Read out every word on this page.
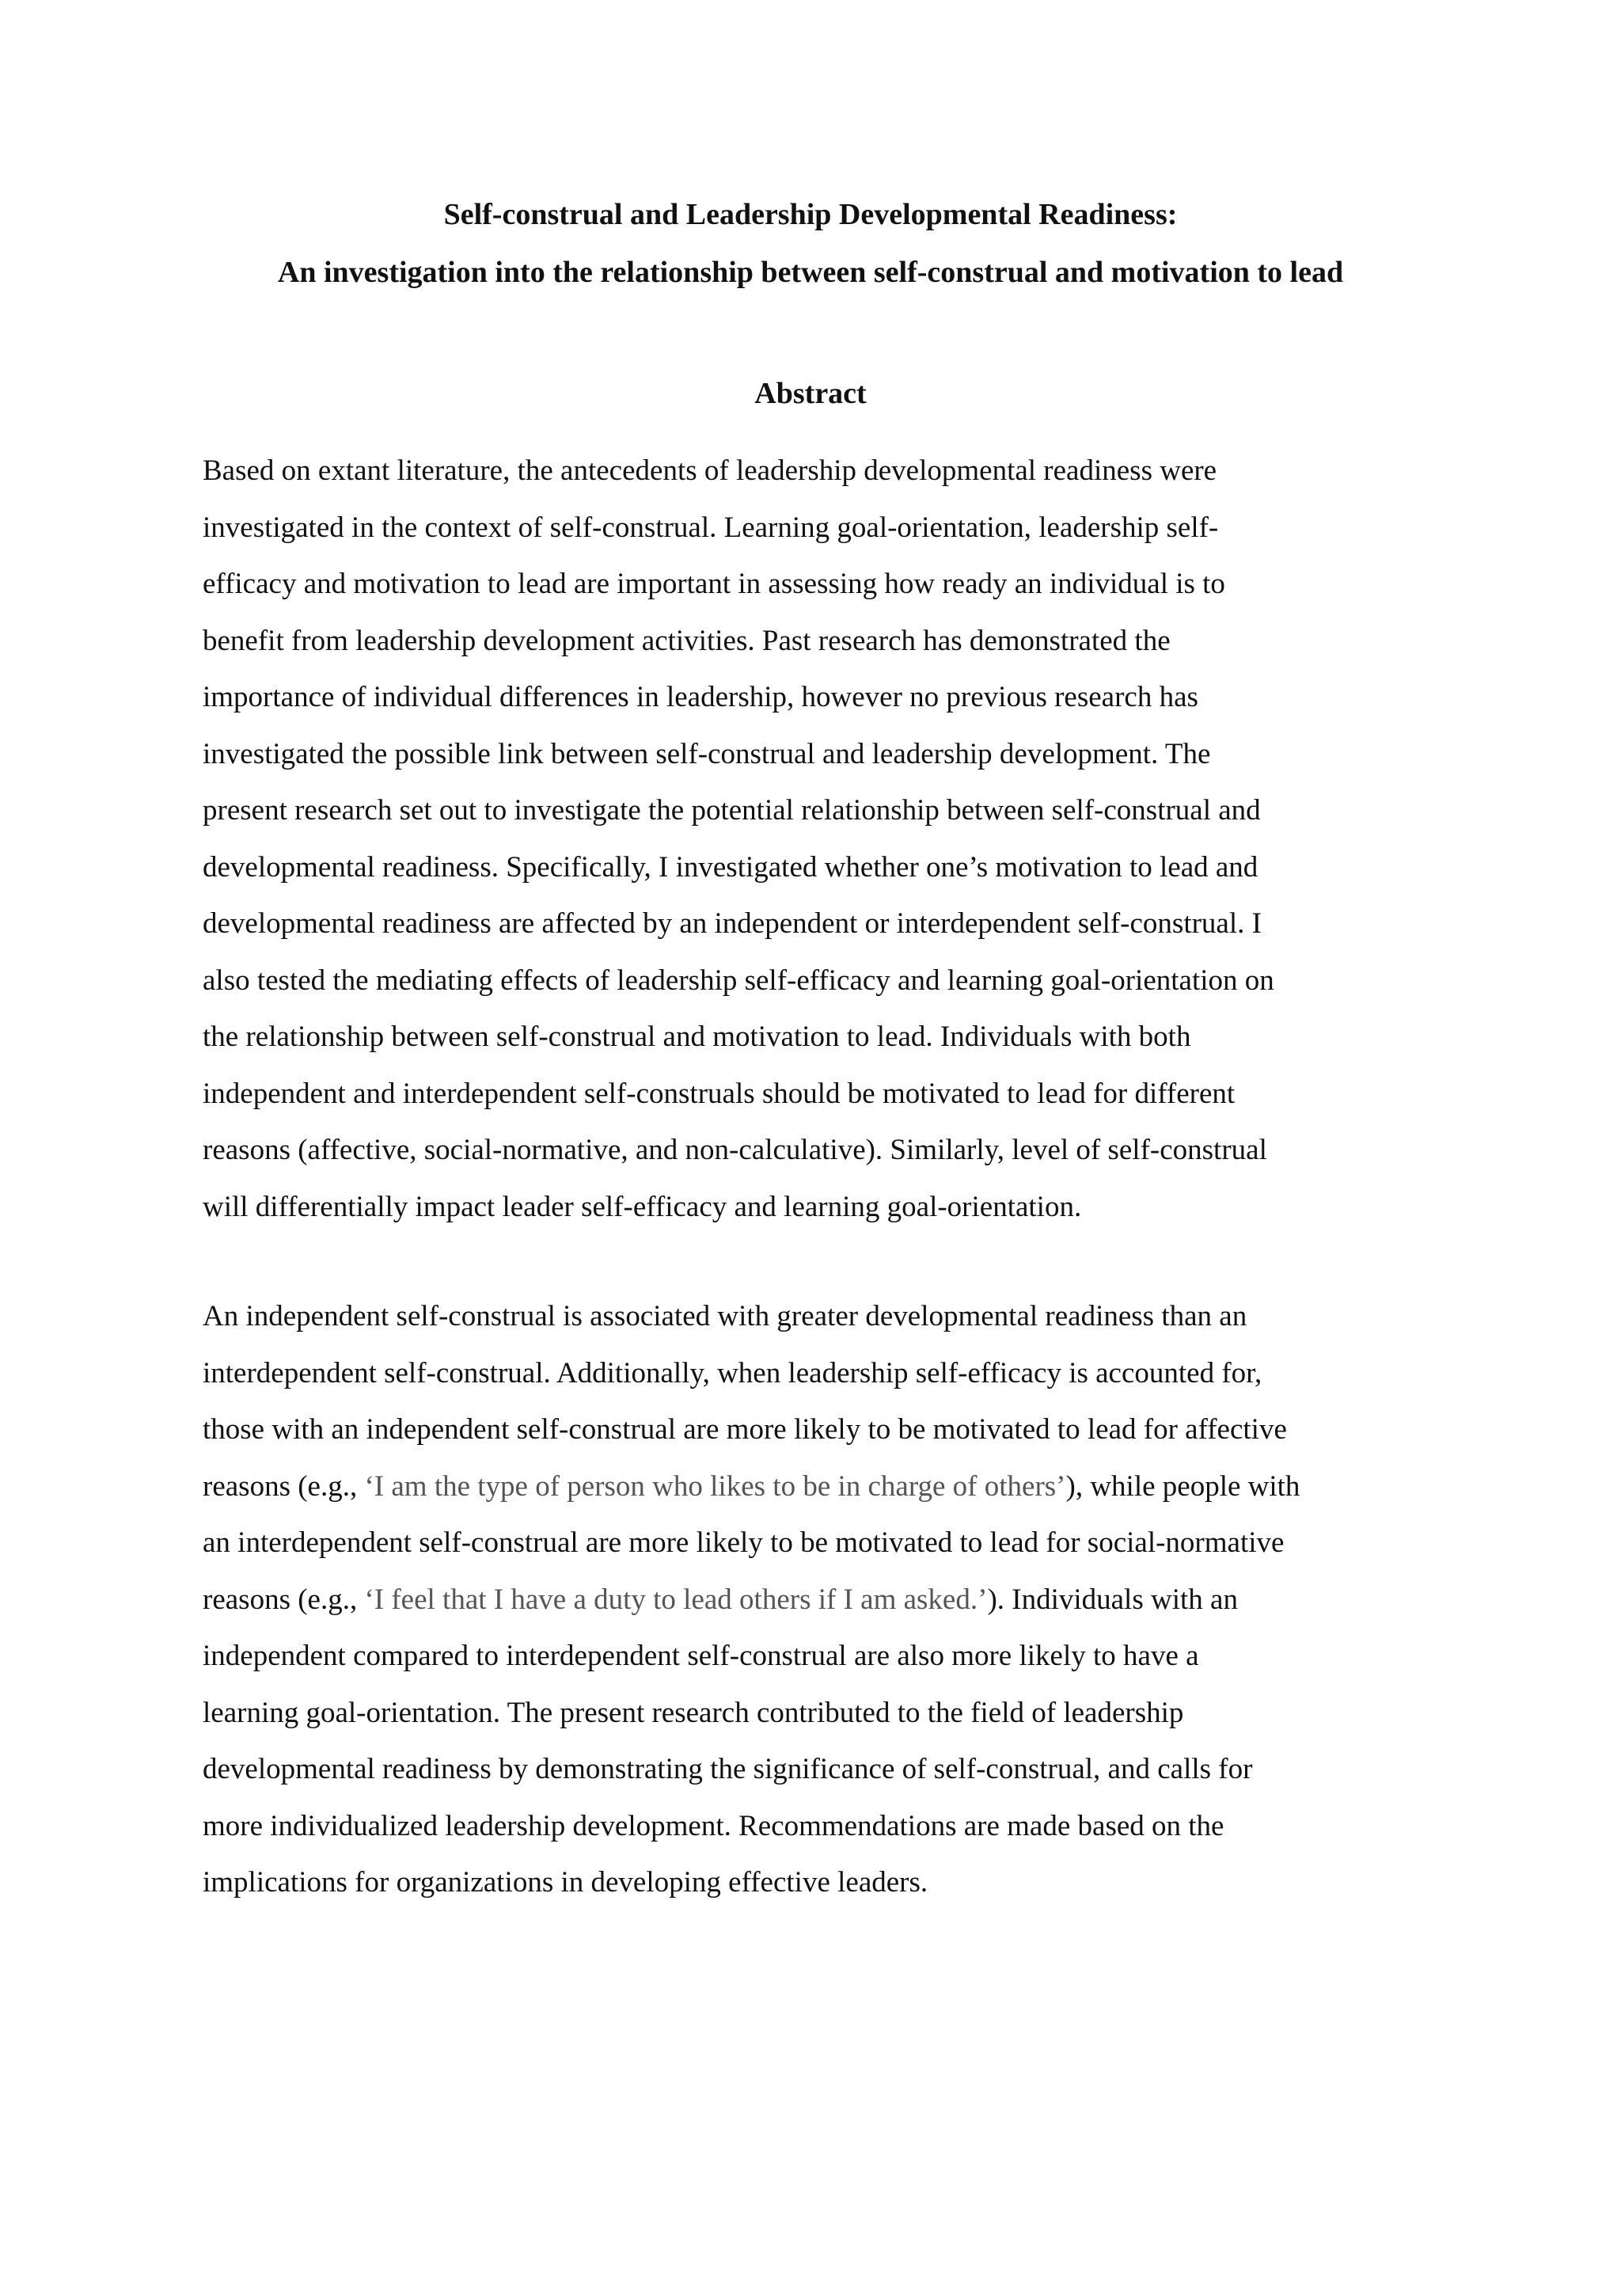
Self-construal and Leadership Developmental Readiness:
An investigation into the relationship between self-construal and motivation to lead
Abstract
Based on extant literature, the antecedents of leadership developmental readiness were
investigated in the context of self-construal. Learning goal-orientation, leadership self-
efficacy and motivation to lead are important in assessing how ready an individual is to
benefit from leadership development activities. Past research has demonstrated the
importance of individual differences in leadership, however no previous research has
investigated the possible link between self-construal and leadership development. The
present research set out to investigate the potential relationship between self-construal and
developmental readiness. Specifically, I investigated whether one’s motivation to lead and
developmental readiness are affected by an independent or interdependent self-construal. I
also tested the mediating effects of leadership self-efficacy and learning goal-orientation on
the relationship between self-construal and motivation to lead. Individuals with both
independent and interdependent self-construals should be motivated to lead for different
reasons (affective, social-normative, and non-calculative). Similarly, level of self-construal
will differentially impact leader self-efficacy and learning goal-orientation.
An independent self-construal is associated with greater developmental readiness than an
interdependent self-construal. Additionally, when leadership self-efficacy is accounted for,
those with an independent self-construal are more likely to be motivated to lead for affective
reasons (e.g., ‘I am the type of person who likes to be in charge of others’), while people with
an interdependent self-construal are more likely to be motivated to lead for social-normative
reasons (e.g., ‘I feel that I have a duty to lead others if I am asked.’). Individuals with an
independent compared to interdependent self-construal are also more likely to have a
learning goal-orientation. The present research contributed to the field of leadership
developmental readiness by demonstrating the significance of self-construal, and calls for
more individualized leadership development. Recommendations are made based on the
implications for organizations in developing effective leaders.
